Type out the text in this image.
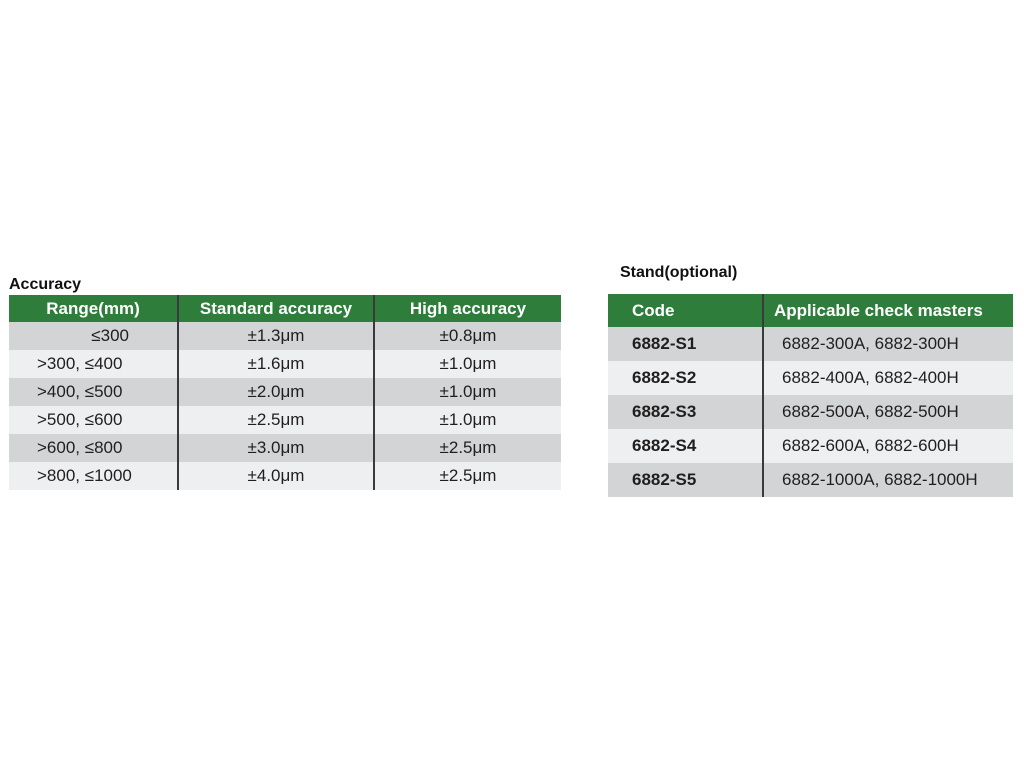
Accuracy
Range(mm)	Standard accuracy	High accuracy
≤300	±1.3μm	±0.8μm
>300, ≤400	±1.6μm	±1.0μm
>400, ≤500	±2.0μm	±1.0μm
>500, ≤600	±2.5μm	±1.0μm
>600, ≤800	±3.0μm	±2.5μm
>800, ≤1000	±4.0μm	±2.5μm
Stand(optional)
Code	Applicable check masters
6882-S1	6882-300A, 6882-300H
6882-S2	6882-400A, 6882-400H
6882-S3	6882-500A, 6882-500H
6882-S4	6882-600A, 6882-600H
6882-S5	6882-1000A, 6882-1000H
